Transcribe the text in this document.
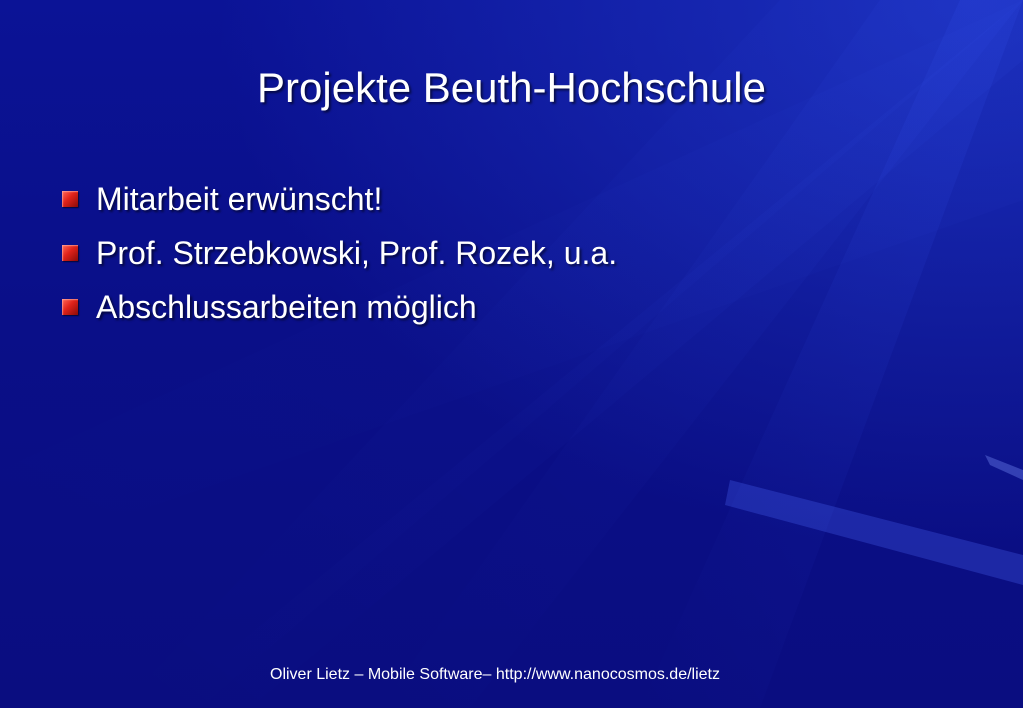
Projekte Beuth-Hochschule
Mitarbeit erwünscht!
Prof. Strzebkowski, Prof. Rozek, u.a.
Abschlussarbeiten möglich
Oliver Lietz – Mobile Software– http://www.nanocosmos.de/lietz
